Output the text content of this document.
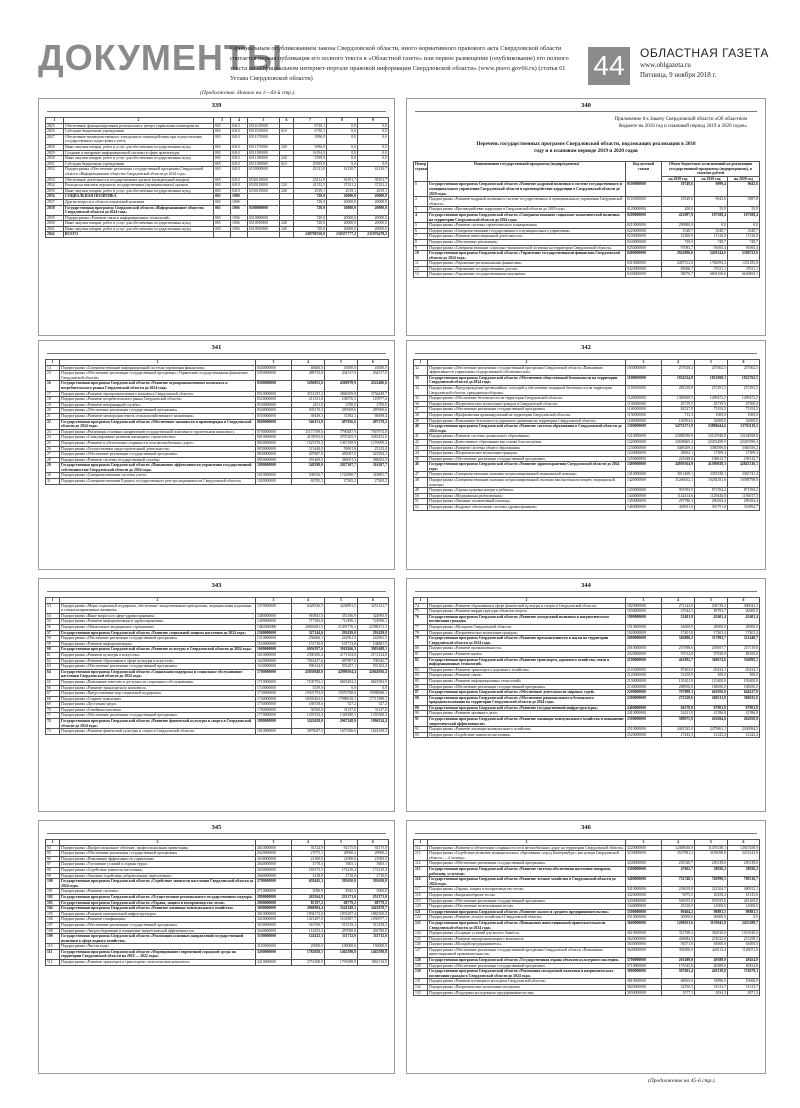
ДОКУМЕНТЫ
Официальным опубликованием закона Свердловской области, иного нормативного правового акта Свердловской области считается первая публикация его полного текста в «Областной газете» или первое размещение (опубликование) его полного текста на «Официальном интернет-портале правовой информации Свердловской области» (www.pravo.gov66.ru) (статья 61 Устава Свердловской области)	44	ОБЛАСТНАЯ ГАЗЕТА
www.oblgazeta.ru
Пятница, 9 ноября 2018 г.
(Продолжение. Начало на 1—43-й стр.).
339
1	2	3	4	5	6	7	8	9
2825	Обеспечение функционирования регионального центра управления мониторингом	065	0410	6511010000		6730,1	0,0	0,0
2826	Субсидии бюджетным учреждениям	065	0410	6511010000	610	6730,1	0,0	0,0
2827	Обеспечение межведомственного электронного взаимодействия при осуществлении государственного кадастрового учета	065	0410	6511170000		3996,0	0,0	0,0
2828	Иные закупки товаров, работ и услуг для обеспечения государственных нужд	065	0410	6511170000	240	3996,0	0,0	0,0
2829	Создание и внедрение информационной системы в сфере архитектуры	065	0410	6511180000		16194,0	0,0	0,0
2830	Иные закупки товаров, работ и услуг для обеспечения государственных нужд	065	0410	6511180000	240	5599,0	0,0	0,0
2831	Субсидии бюджетным учреждениям	065	0410	6511180000	610	10595,0	0,0	0,0
2832	Подпрограмма «Обеспечение реализации государственной программы Свердловской области «Информационное общество Свердловской области до 2024 года»	065	0410	6530000000		45131,0	41210,7	41210,7
2833	Обеспечение деятельности государственных органов (центральный аппарат)	065	0410	6530110000		43112,9	39191,7	39191,7
2834	Расходы на выплаты персоналу государственных (муниципальных) органов	065	0410	6530110000	120	41152,5	37231,2	37231,2
2835	Иные закупки товаров, работ и услуг для обеспечения государственных нужд	065	0410	6530110000	240	2019,1	2019,1	2019,1
2836	СОЦИАЛЬНАЯ ПОЛИТИКА	065	1000			720,0	20000,0	20000,0
2837	Другие вопросы в области социальной политики	065	1006			720,0	20000,0	20000,0
2838	Государственная программа Свердловской области «Информационное общество Свердловской области до 2024 года»	065	1006	6500000000		720,0	20000,0	20000,0
2839	Подпрограмма «Развитие связи и информационных технологий»	065	1006	6510000000		720,0	20000,0	20000,0
2840	Иные закупки товаров, работ и услуг для обеспечения государственных нужд	065	1006	6510910000	240	720,0	20000,0	20000,0
2841	Иные закупки товаров, работ и услуг для обеспечения государственных нужд	065	1006	6510910000	240	720,0	20000,0	20000,0
2842	ВСЕГО					249798350,8	230357777,2	231976478,2
340
Приложение 8 к Закону Свердловской области «Об областном бюджете на 2018 год и плановый период 2019 и 2020 годов»
Перечень государственных программ Свердловской области, подлежащих реализации в 2018 году и в плановом периоде 2019 и 2020 годов
Номер строки	Наименование государственной программы (подпрограммы)	Код целевой статьи	Объем бюджетных ассигнований на реализацию государственной программы (подпрограммы), в тысячах рублей		
			на 2018 год	на 2019 год	на 2020 год
1	Государственная программа Свердловской области «Развитие кадровой политики в системе государственного и муниципального управления Свердловской области и противодействие коррупции в Свердловской области до 2020 года»	0100000000	18749,6	9099,4	9643,6
2	Подпрограмма «Развитие кадровой политики в системе государственного и муниципального управления Свердловской области»	0110000000	18549,6	9043,6	9587,8
3	Подпрограмма «Противодействие коррупции в Свердловской области до 2020 года»	0120000000	200,0	55,8	55,8
4	Государственная программа Свердловской области «Совершенствование социально-экономической политики на территории Свердловской области до 2024 года»	0200000000	412097,9	107508,4	107508,4
5	Подпрограмма «Развитие системы стратегического планирования»	0210000000	299880,0	0,0	0,0
6	Подпрограмма «Совершенствование государственного и муниципального управления»	0220000000	3548,7	3548,7	3548,7
7	Подпрограмма «Развитие инвестиционной деятельности»	0230000000	12360,0	11316,8	11316,8
8	Подпрограмма «Обеспечение реализации»	0240000000	738,9	748,7	748,7
9	Подпрограмма «Совершенствование социально-экономической политики на территории Свердловской области»	0250000000	97083,7	91695,4	91695,4
10	Государственная программа Свердловской области «Управление государственными финансами Свердловской области до 2024 года»	0400000000	2924896,6	2450144,6	2306722,6
11	Подпрограмма «Управление региональными финансами»	0410000000	2487512,0	1766094,2	1251185,8
12	Подпрограмма «Управление государственным долгом»	0420000000	83066,7	37021,1	37021,1
13	Подпрограмма «Управление государственными закупками»	0430000000	38576,7	6692106,6	6640494,1
341
1	2	3	4	5	6
14	Подпрограмма «Совершенствование информационной системы управления финансами»	0440000000	48460,0	43000,0	43000,0
15	Подпрограмма «Обеспечение реализации государственной программы «Управление государственными финансами Свердловской области»	0450000000	489733,8	434517,0	434517,0
16	Государственная программа Свердловской области «Развитие агропромышленного комплекса и потребительского рынка Свердловской области до 2024 года»	0500000000	5296853,6	4369978,9	4322406,6
17	Подпрограмма «Развитие агропромышленного комплекса Свердловской области»	0510000000	4741255,2	3846509,8	3756449,7
18	Подпрограмма «Развитие потребительского рынка Свердловской области»	0520000000	211351,8	108576,5	110977,6
19	Подпрограмма «Развитие ветеринарной службы»	0530000000	2411,0	2700,0	2700,0
20	Подпрограмма «Обеспечение реализации государственной программы»	0540000000	303170,3	285969,6	285969,6
21	Подпрограмма «Развитие мелиорации земель сельскохозяйственного назначения»	0550000000	38449,3	31582,1	68498,4
22	Государственная программа Свердловской области «Обеспечение законности и правопорядка в Свердловской области до 2024 года»	0600000000	546151,8	497836,6	497379,2
23	Подпрограмма «Реализация основных направлений государственной политики в строительном комплексе»	0700000000	11171709,6	7790487,9	7567972,8
24	Подпрограмма «Стимулирование развития жилищного строительства»	0810000000	4139953,6	3707205,5	3381452,6
25	Подпрограмма «Развитие и обеспечение сохранности сети автомобильных дорог»	0820000000	1523376,4	1367108,9	1276099,4
26	Подпрограмма «Осуществление градостроительной деятельности»	0830000000	113440,0	59001,6	25122,0
27	Подпрограмма «Обеспечение реализации государственной программы»	0840000000	497687,0	483007,5	422994,2
28	Подпрограмма «Развитие системы государственной службы»	0850000000	391469,5	386051,3	386052,3
29	Государственная программа Свердловской области «Повышение эффективности управления государственной собственностью Свердловской области до 2024 года»	1000000000	548298,0	2027307,7	316207,7
30	Подпрограмма «Совершенствование системы учета»	1010000000	500016,7	1742890,7	318891,7
31	Подпрограмма «Совершенствование Единого государственного реестра недвижимости Свердловской области»	1020000000	65785,2	27365,2	27365,2
342
1	2	3	4	5	6
32	Подпрограмма «Обеспечение реализации государственной программы Свердловской области «Повышение эффективности управления государственной собственностью»	1030000000	257028,2	257002,5	257002,5
33	Государственная программа Свердловской области «Обеспечение общественной безопасности на территории Свердловской области до 2024 года»	1100000000	1934524,8	1821068,1	1822762,5
34	Подпрограмма «Предупреждение чрезвычайных ситуаций и обеспечение пожарной безопасности на территории Свердловской области, гражданская оборона»	1110000000	285239,8	257491,5	257493,5
35	Подпрограмма «Обеспечение безопасности на территории Свердловской области»	1120000000	1369569,5	1289472,5	1289472,5
36	Подпрограмма «Патриотическое воспитание граждан в Свердловской области»	1130000000	45719,5	45719,5	47506,4
37	Подпрограмма «Обеспечение реализации государственной программы»	1140000000	82527,8	75192,5	75192,5
38	Подпрограмма «Профилактика правонарушений на территории Свердловской области»	1150000000	713,3	1000,0	1000,0
39	Подпрограмма «Повышение безопасности дорожного движения на территории Свердловской области»	1160000000	150954,6	52000,0	52000,0
40	Государственная программа Свердловской области «Развитие системы образования в Свердловской области до 2024 года»	1200000000	54733371,9	53890644,6	53791119,5
41	Подпрограмма «Развитие системы дошкольного образования»	1210000000	23088390,8	23125940,8	23164958,6
42	Подпрограмма «Качественное образование как основа благополучия»	1220000000	22638665,4	22453499,9	22410396,4
43	Подпрограмма «Развитие системы общего образования»	1230000000	3469209,3	3380596,0	3360356,2
44	Подпрограмма «Патриотическое воспитание граждан»	1240000000	28602,1	17309,4	17309,4
45	Подпрограмма «Обеспечение реализации государственной программы»	1250000000	225048,6	198613,7	199142,7
46	Государственная программа Свердловской области «Развитие здравоохранения Свердловской области до 2024 года»	1400000000	44950364,9	41580028,3	42843136,1
47	Подпрограмма «Совершенствование оказания специализированной медицинской помощи»	1410000000	3911469,1	3355338,1	3365741,4
48	Подпрограмма «Совершенствование оказания специализированной, включая высокотехнологичную, медицинской помощи»	1420000000	11266652,1	10294181,6	10588798,0
49	Подпрограмма «Охрана здоровья матери и ребенка»	1430000000	991993,9	871594,2	871594,2
50	Подпрограмма «Медицинская реабилитация»	1440000000	1142414,6	1129446,8	1136017,3
51	Подпрограмма «Оказание паллиативной помощи»	1450000000	297780,3	296394,4	296394,4
52	Подпрограмма «Кадровое обеспечение системы здравоохранения»	1460000000	400911,6	391791,8	316894,7
343
1	2	3	4	5	6
53	Подпрограмма «Меры социальной поддержки, обеспечение лекарственными препаратами, медицинскими изделиями и специализированным питанием»	1470000000	6428336,5	3238891,5	3251121,7
54	Подпрограмма «Иные вопросы в сфере здравоохранения»	1480000000	910831,0	351166,9	324995,9
55	Подпрограмма «Развитие информатизации в здравоохранении»	1490000000	717383,8	712496,1	724996,1
56	Подпрограмма «Обязательное медицинское страхование»	14Б0000000	20665681,5	21493776,1	22388472,3
57	Государственная программа Свердловской области «Развитие социальной защиты населения до 2024 года»	1500000000	327144,6	292439,0	292439,0
58	Подпрограмма «Обеспечение реализации государственной программы»	1510000000	256666,1	242961,5	242961,5
59	Подпрограмма «Развитие информатизации»	1520000000	151710,6	101713,8	104881,5
60	Государственная программа Свердловской области «Развитие культуры в Свердловской области до 2024 года»	1600000000	6056397,6	3918266,3	3903408,1
61	Подпрограмма «Развитие культуры и искусства»	1610000000	2396106,4	2171104,0	2172124,0
62	Подпрограмма «Развитие образования в сфере культуры и искусства»	1620000000	7061427,6	687897,8	700345,7
63	Подпрограмма «Обеспечение реализации государственной программы»	1630000000	590144,0	591207,1	591202,4
64	Государственная программа Свердловской области «Социальная поддержка и социальное обслуживание населения Свердловской области до 2024 года»	1700000000	43830948,0	42990564,4	42664956,4
65	Подпрограмма «Повышение качества и доступности социального обслуживания»	1710000000	7109792,2	6843494,2	6823584,9
66	Подпрограмма «Развитие транспортного комплекса»	1720000000	3559,0	0,0	0,0
67	Подпрограмма «Предоставление мер социальной поддержки»	1730000000	19301793,0	19555768,0	19588068,1
68	Подпрограмма «Старшее поколение»	1740000000	18303402,0	17988618,1	17711968,1
69	Подпрограмма «Доступная среда»	1750000000	168158,6	527,2	527,2
70	Подпрограмма «Семейная политика»	1760000000	30500,0	31137,0	31137,0
71	Подпрограмма «Обеспечение реализации государственной программы»	1770000000	1470533,4	1349380,1	1335300,3
72	Государственная программа Свердловской области «Развитие физической культуры и спорта в Свердловской области до 2024 года»	1800000000	3243658,0	2067348,9	1996534,4
73	Подпрограмма «Развитие физической культуры и спорта в Свердловской области»	1810000000	2878047,5	1657266,6	1624169,3
344
1	2	3	4	5	6
74	Подпрограмма «Развитие образования в сфере физической культуры и спорта в Свердловской области»	1820000000	272144,0	294729,2	300043,3
75	Подпрограмма «Развитие инфраструктуры объектов спорта»	1830000000	47044,5	89783,7	20000,0
76	Государственная программа Свердловской области «Развитие молодежной политики и патриотического воспитания граждан»	1900000000	51401,8	45401,4	45401,4
77	Подпрограмма «Молодежь Свердловской области»	1910000000	34000,0	28000,0	28000,0
78	Подпрограмма «Патриотическое воспитание граждан»	1920000000	17401,8	17401,4	17401,4
79	Государственная программа Свердловской области «Развитие промышленности и науки на территории Свердловской области до 2024 года»	2000000000	326806,2	317993,7	321440,7
80	Подпрограмма «Развитие промышленности»	2010000000	237098,6	205697,7	257119,8
81	Подпрограмма «Развитие науки»	2020000000	97014,8	87920,0	88100,0
82	Государственная программа Свердловской области «Развитие транспорта, дорожного хозяйства, связи и информационных технологий»	2100000000	461892,7	349674,6	336895,1
83	Подпрограмма «Развитие транспорта и дорожного хозяйства»	2110000000	87403,0	65434,1	65434,1
84	Подпрограмма «Развитие связи»	2120000000	31250,0	500,0	500,0
85	Подпрограмма «Развитие информационных технологий»	2130000000	135201,0	125400,0	105400,0
86	Подпрограмма «Обеспечение реализации государственной программы»	2140000000	208950,0	168650,0	168650,0
87	Государственная программа Свердловской области «Обеспечение деятельности мировых судей»	2200000000	767888,3	643050,0	644417,0
88	Государственная программа Свердловской области «Обеспечение рационального и безопасного природопользования на территории Свердловской области до 2024 года»	2300000000	272328,6	268213,8	300635,0
89	Государственная программа Свердловской области «Развитие государственной инфраструктуры»	2400000000	94378,8	87901,0	87901,0
90	Подпрограмма «Развитие архивного дела»	2410000000	52411,0	41586,8	41586,8
91	Государственная программа Свердловской области «Развитие жилищно-коммунального хозяйства и повышение энергетической эффективности»	2500000000	398975,9	263694,0	262058,8
92	Подпрограмма «Развитие жилищно-коммунального хозяйства»	2510000000	2481545,0	2479861,1	2430084,5
93	Подпрограмма «Содействие занятости населения»	2520000000	27443,3	21222,4	21222,4
345
1	2	3	4	5	6
94	Подпрограмма «Профессиональное обучение, профессиональная ориентация»	2610000000	92724,9	92175,8	92175,8
95	Подпрограмма «Обеспечение реализации государственной программы»	2620000000	27075,1	28960,2	28960,2
96	Подпрограмма «Повышение эффективности управления»	2630000000	21300,0	21000,0	21000,0
97	Подпрограмма «Улучшение условий и охраны труда»	2640000000	3778,3	5603,1	5603,1
98	Подпрограмма «Содействие занятости населения»	2650000000	183573,5	172210,4	172210,4
99	Подпрограмма «Оказание содействия добровольному переселению»	2660000000	1418,0	2710,0	2710,0
100	Государственная программа Свердловской области «Содействие занятости населения Свердловской области до 2024 года»	2700000000	658445,3	595650,0	595650,0
101	Подпрограмма «Развитие системы»	2710000000	3096,9	8945,3	5000,0
102	Государственная программа Свердловской области «Осуществление регионального государственного надзора»	2800000000	263564,8	251371,0	251371,0
103	Государственная программа Свердловской области «Охрана, защита и воспроизводство лесов»	2900000000	85197,2	68779,2	68779,2
104	Государственная программа Свердловской области «Развитие жилищно-коммунального хозяйства»	3000000000	2968984,4	3341349,3	3441878,7
105	Подпрограмма «Развитие коммунальной инфраструктуры»	3010000000	1904172,6	1853297,4	1882500,0
106	Подпрограмма «Развитие газификации»	3020000000	1021497,0	1101897,7	1050977,1
107	Подпрограмма «Обеспечение реализации государственной программы»	3030000000	410769,7	513319,2	513258,3
108	Подпрограмма «Энергосбережение и повышение энергетической эффективности»	3040000000	112255,2	287000,0	492700,0
109	Государственная программа Свердловской области «Реализация основных направлений государственной политики в сфере водного хозяйства»	3100000000	124412,3	111712,0	111712,0
110	Подпрограмма «Чистая вода»	3110000000	25000,0	100000,0	150000,0
111	Государственная программа Свердловской области «Формирование современной городской среды на территории Свердловской области на 2018 — 2022 годы»	3200000000	1782858,1	1462598,8	1462598,8
112	Подпрограмма «Развитие транспорта в транспортно-логистическом комплексе»	3210000000	2751368,9	1791698,9	1861116,9
346
1	2	3	4	5	6
112	Подпрограмма «Развитие и обеспечение сохранности сети автомобильных дорог на территории Свердловской области»	3220000000	12468630,9	11470138,1	12947458,9
113	Подпрограмма «Содействие развитию муниципального образования «город Екатеринбург» как центра Свердловской области — «Столица»	3230000000	3537981,2	3183098,8	3231243,8
114	Подпрограмма «Обеспечение реализации государственной программы»	3240000000	235548,7	250138,6	250138,6
115	Государственная программа Свердловской области «Развитие системы обеспечения населения товарами, работами, услугами»	3300000000	47662,7	38820,2	38820,2
116	Государственная программа Свердловской области «Развитие лесного хозяйства в Свердловской области до 2024 года»	3400000000	732748,5	749998,5	780316,7
117	Подпрограмма «Охрана, защита и воспроизводство лесов»	3410000000	218618,0	222104,7	280912,1
118	Подпрограмма «Биоразнообразие лесов»	3420000000	9075,5	20258,2	18135,6
119	Подпрограмма «Обеспечение реализации государственной программы»	3430000000	505055,0	507635,6	481269,0
120	Подпрограмма «Обеспечение использования лесов»	3440000000	25310,0	21000,0	21000,0
121	Государственная программа Свердловской области «Развитие малого и среднего предпринимательства»	3500000000	99404,2	98881,5	98881,5
122	Подпрограмма «Развитие лесного хозяйства в Свердловской области»	3510000000	30000,0	30000,0	0,0
123	Государственная программа Свердловской области «Повышение инвестиционной привлекательности Свердловской области до 2024 года»	3600000000	1209023,6	1159945,0	2455389,7
124	Подпрограмма «Создание условий для малого бизнеса»	3610000000	312768,2	382810,0	1013040,0
125	Подпрограмма «Развитие агропромышленного комплекса»	3620000000	436684,5	274022,6	251298,1
126	Подпрограмма «Молодой предприниматель»	3630000000	56571,0	63000,0	63000,0
127	Подпрограмма «Обеспечение реализации государственной программы Свердловской области «Повышение инвестиционной привлекательности»	3640000000	393000,0	440112,4	1128051,6
128	Государственная программа Свердловской области «Государственная охрана объектов культурного наследия»	3700000000	201489,8	49388,0	49454,0
129	Подпрограмма «Обеспечение реализации государственной программы»	3710000000	157045,0	40388,0	40454,0
130	Государственная программа Свердловской области «Реализация молодежной политики и патриотического воспитания граждан в Свердловской области до 2024 года»	3800000000	587603,4	420138,8	374679,3
131	Подпрограмма «Развитие потенциала молодежи Свердловской области»	3810000000	68605,0	18996,0	19000,0
132	Подпрограмма «Патриотическое воспитание молодежи»	3820000000	32550,5	53313,7	51313,7
133	Подпрограмма «Поддержка молодежного предпринимательства»	3830000000	3577,1	2834,3	2871,3
(Продолжение на 45-й стр.).
